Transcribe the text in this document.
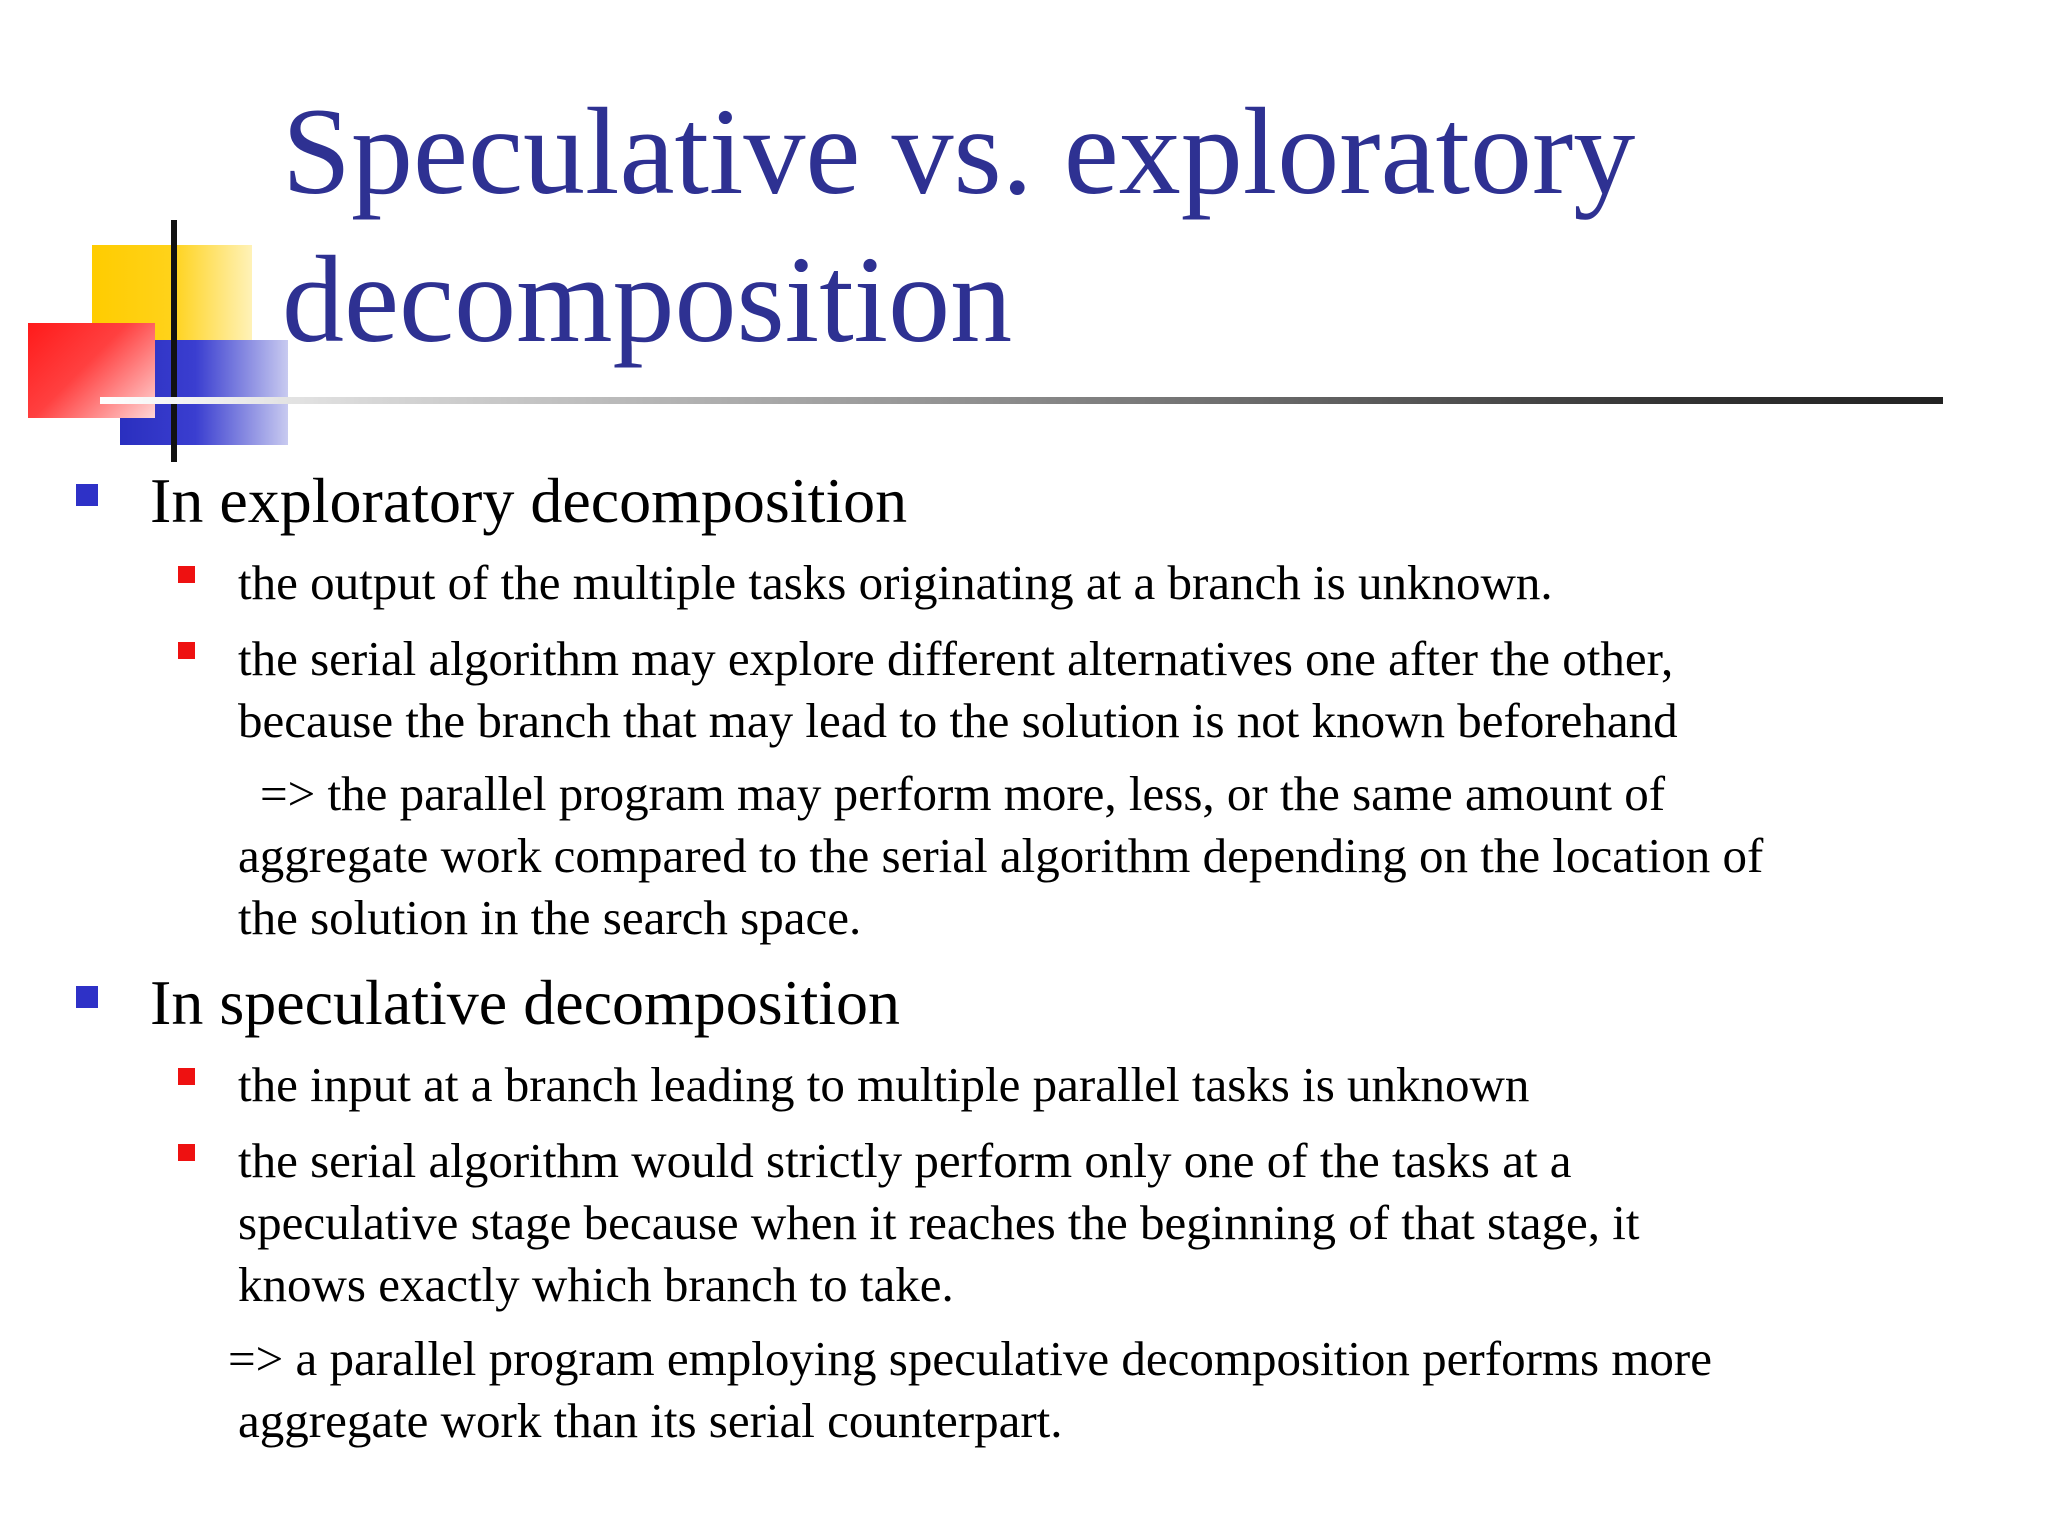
Speculative vs. exploratory
decomposition
In exploratory decomposition
the output of the multiple tasks originating at a branch is unknown.
the serial algorithm may explore different alternatives one after the other,
because the branch that may lead to the solution is not known beforehand
=> the parallel program may perform more, less, or the same amount of
aggregate work compared to the serial algorithm depending on the location of
the solution in the search space.
In speculative decomposition
the input at a branch leading to multiple parallel tasks is unknown
the serial algorithm would strictly perform only one of the tasks at a
speculative stage because when it reaches the beginning of that stage, it
knows exactly which branch to take.
=> a parallel program employing speculative decomposition performs more
aggregate work than its serial counterpart.
